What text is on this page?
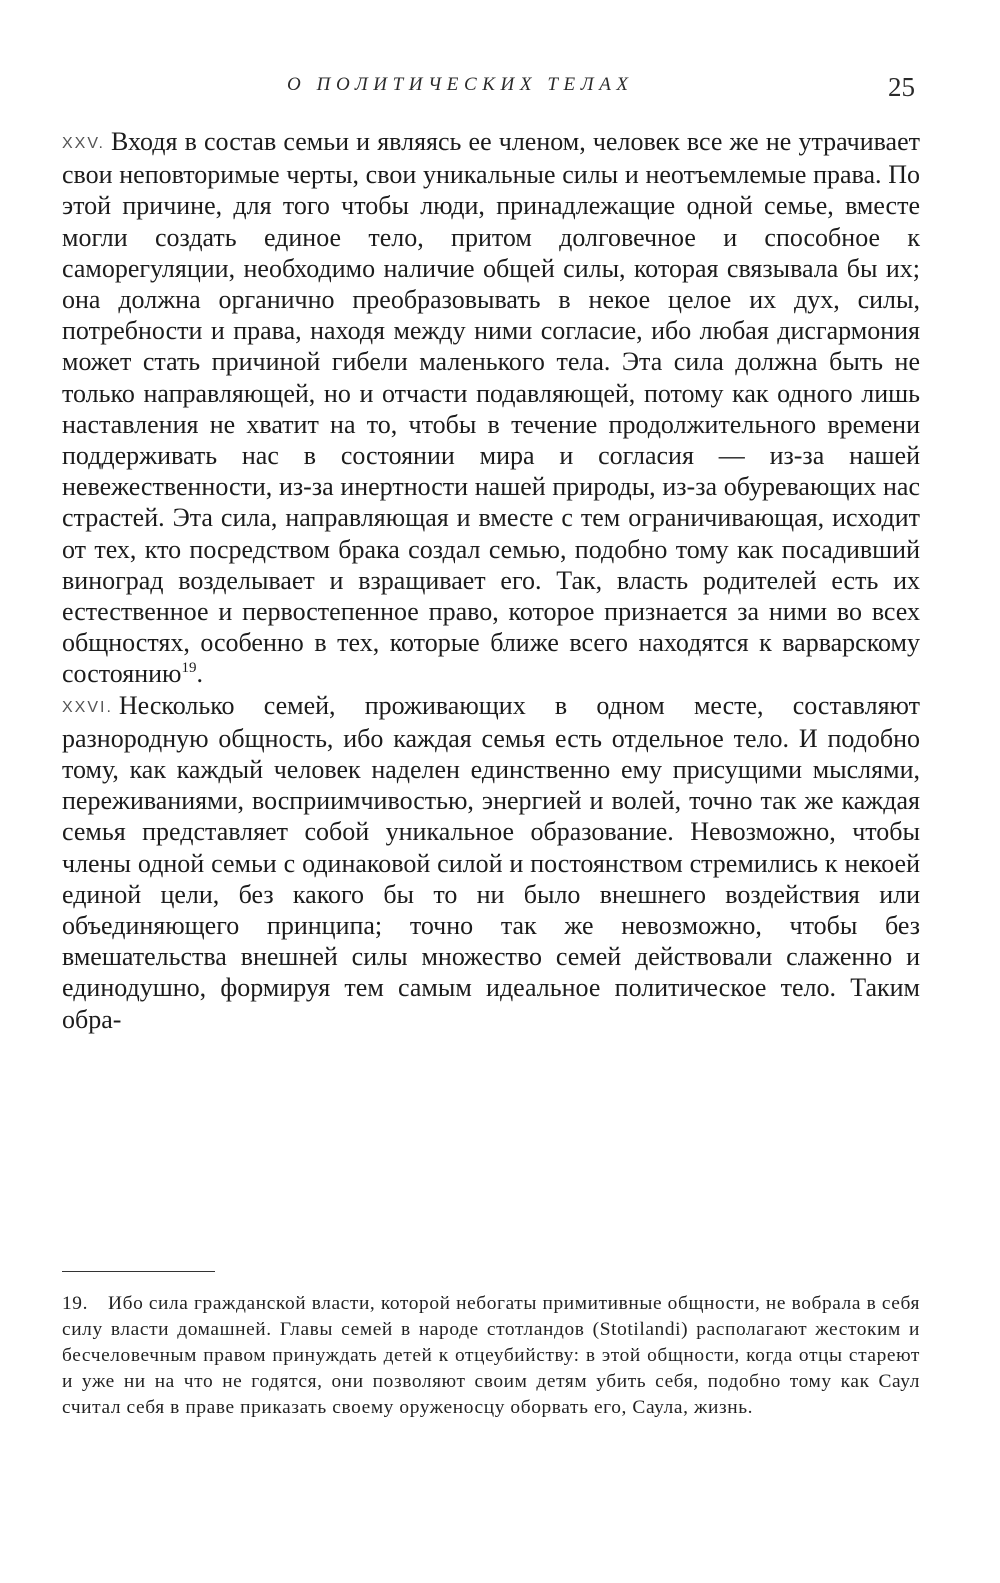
О ПОЛИТИЧЕСКИХ ТЕЛАХ	25

XXV. Входя в состав семьи и являясь ее членом, человек все же не утрачивает свои неповторимые черты, свои уникальные силы и неотъемлемые права. По этой причине, для того чтобы люди, принадлежащие одной семье, вместе могли создать единое тело, притом долговечное и способное к саморегуляции, необходимо наличие общей силы, которая связывала бы их; она должна органично преобразовывать в некое целое их дух, силы, потребности и права, находя между ними согласие, ибо любая дисгармония может стать причиной гибели маленького тела. Эта сила должна быть не только направляющей, но и отчасти подавляющей, потому как одного лишь наставления не хватит на то, чтобы в течение продолжительного времени поддерживать нас в состоянии мира и согласия — из-за нашей невежественности, из-за инертности нашей природы, из-за обуревающих нас страстей. Эта сила, направляющая и вместе с тем ограничивающая, исходит от тех, кто посредством брака создал семью, подобно тому как посадивший виноград возделывает и взращивает его. Так, власть родителей есть их естественное и первостепенное право, которое признается за ними во всех общностях, особенно в тех, которые ближе всего находятся к варварскому состоянию$^{19}$.

XXVI. Несколько семей, проживающих в одном месте, составляют разнородную общность, ибо каждая семья есть отдельное тело. И подобно тому, как каждый человек наделен единственно ему присущими мыслями, переживаниями, восприимчивостью, энергией и волей, точно так же каждая семья представляет собой уникальное образование. Невозможно, чтобы члены одной семьи с одинаковой силой и постоянством стремились к некоей единой цели, без какого бы то ни было внешнего воздействия или объединяющего принципа; точно так же невозможно, чтобы без вмешательства внешней силы множество семей действовали слаженно и единодушно, формируя тем самым идеальное политическое тело. Таким обра-

19. Ибо сила гражданской власти, которой небогаты примитивные общности, не вобрала в себя силу власти домашней. Главы семей в народе стотландов (Stotilandi) располагают жестоким и бесчеловечным правом принуждать детей к отцеубийству: в этой общности, когда отцы стареют и уже ни на что не годятся, они позволяют своим детям убить себя, подобно тому как Саул считал себя в праве приказать своему оруженосцу оборвать его, Саула, жизнь.
